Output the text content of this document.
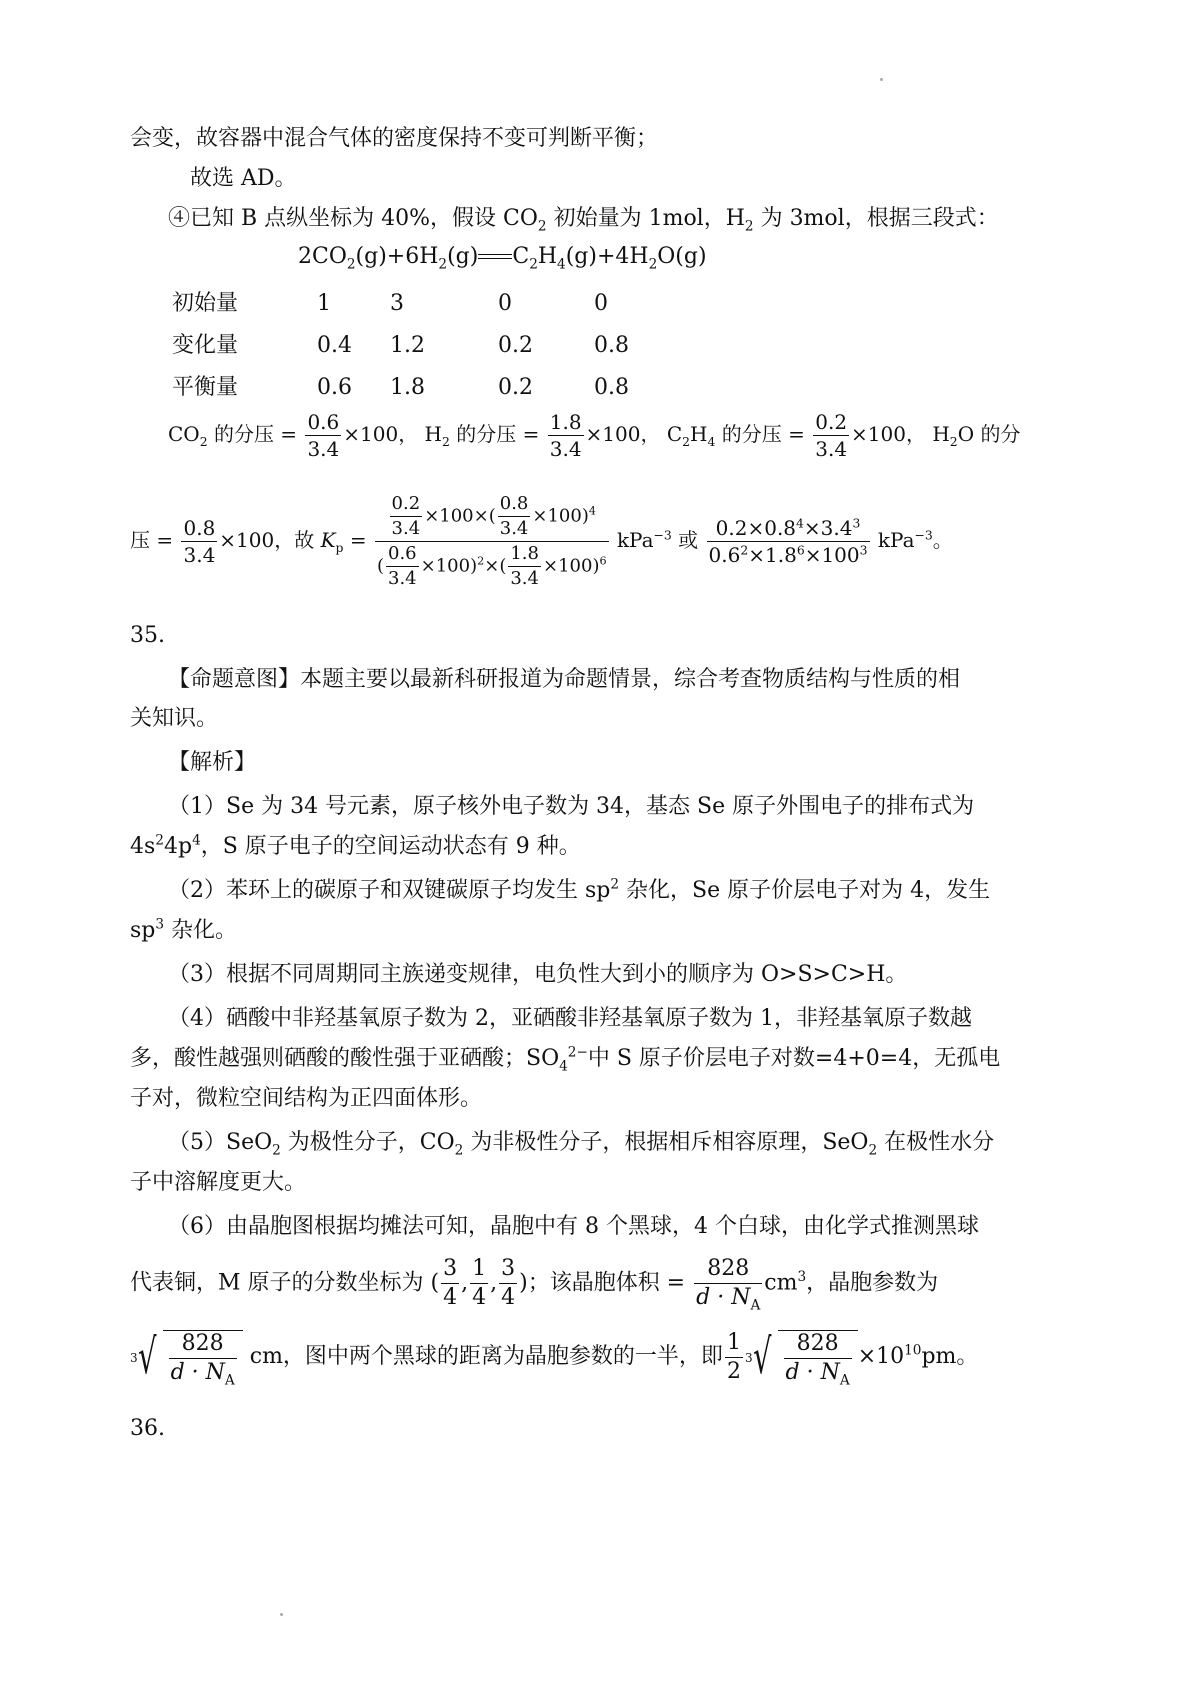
会变，故容器中混合气体的密度保持不变可判断平衡；
故选 AD。
④已知 B 点纵坐标为 40%，假设 $CO_2$ 初始量为 1mol，$H_2$ 为 3mol，根据三段式：
$2CO_2(g)+6H_2(g)$ $C_2H_4(g)+4H_2O(g)$
初始量	1	3	0	0
变化量	0.4	1.2	0.2	0.8
平衡量	0.6	1.8	0.2	0.8
$CO_2$ 的分压 = $\frac{0.6}{3.4} \times 100$， $H_2$ 的分压 = $\frac{1.8}{3.4} \times 100$， $C_2H_4$ 的分压 = $\frac{0.2}{3.4} \times 100$， $H_2O$ 的分
压 = $\frac{0.8}{3.4} \times 100$，故 $K_p = \frac{\frac{0.2}{3.4} \times 100\times( \frac{0.8}{3.4} \times 100)^4}{( \frac{0.6}{3.4} \times 100)^2\times( \frac{1.8}{3.4} \times 100)^6} kPa^{-3}$ 或 $\frac{0.2\times 0.8^4\times 3.4^3}{0.6^2\times 1.8^6\times 100^3} kPa^{-3}$。
35.
【命题意图】本题主要以最新科研报道为命题情景，综合考查物质结构与性质的相
关知识。
【解析】
（1）Se 为 34 号元素，原子核外电子数为 34，基态 Se 原子外围电子的排布式为
$4s^24p^4$，S 原子电子的空间运动状态有 9 种。
（2）苯环上的碳原子和双键碳原子均发生 $sp^2$ 杂化，Se 原子价层电子对为 4，发生
$sp^3$ 杂化。
（3）根据不同周期同主族递变规律，电负性大到小的顺序为 O>S>C>H。
（4）硒酸中非羟基氧原子数为 2，亚硒酸非羟基氧原子数为 1，非羟基氧原子数越
多，酸性越强则硒酸的酸性强于亚硒酸；$SO_4^{2-}$中 S 原子价层电子对数=4+0=4，无孤电
子对，微粒空间结构为正四面体形。
（5）SeO$_2$ 为极性分子，$CO_2$ 为非极性分子，根据相斥相容原理，SeO$_2$ 在极性水分
子中溶解度更大。
（6）由晶胞图根据均摊法可知，晶胞中有 8 个黑球，4 个白球，由化学式推测黑球
代表铜，M 原子的分数坐标为 ( $\frac{3}{4}$ , $\frac{1}{4}$ , $\frac{3}{4}$ )；该晶胞体积 = $\frac{828}{d \cdot N_A} cm^3$，晶胞参数为
3 √ $\frac{828}{d \cdot N_A}$ cm，图中两个黑球的距离为晶胞参数的一半，即 $\frac{1}{2} 3$ √ $\frac{828}{d \cdot N_A} \times 10^{10}pm$。
36.
